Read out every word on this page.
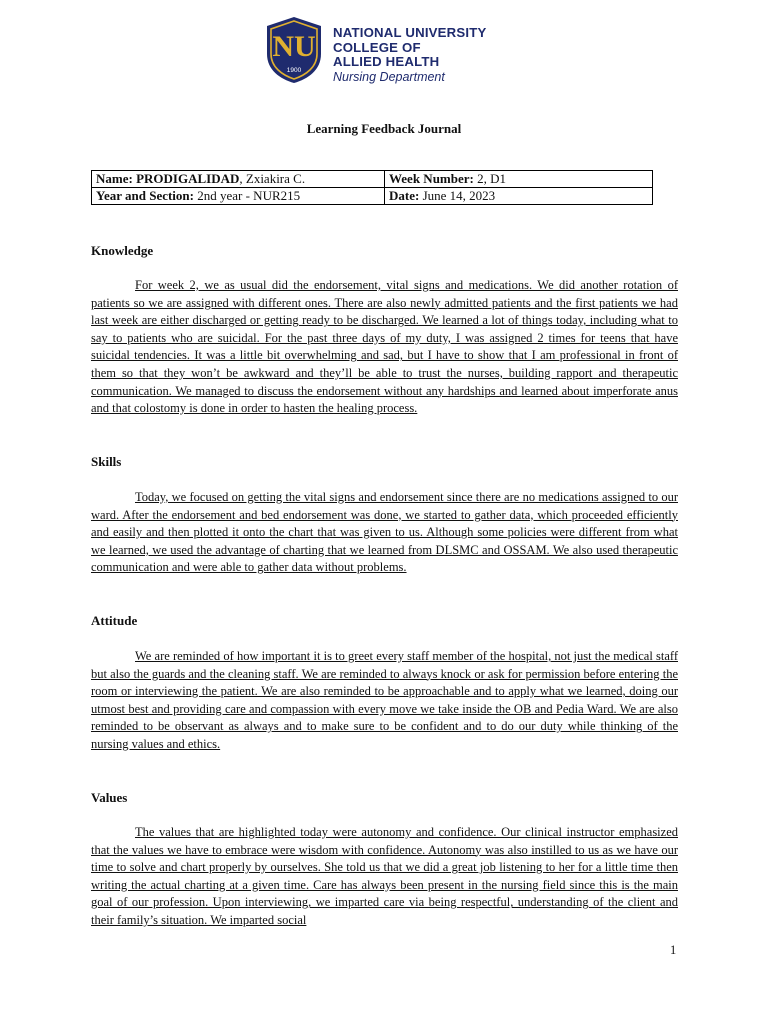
NU
1900
NATIONAL UNIVERSITY
COLLEGE OF
ALLIED HEALTH
Nursing Department
Learning Feedback Journal
Name: PRODIGALIDAD, Zxiakira C.	Week Number: 2, D1
Year and Section: 2nd year - NUR215	Date: June 14, 2023
Knowledge

For week 2, we as usual did the endorsement, vital signs and medications. We did another rotation of patients so we are assigned with different ones. There are also newly admitted patients and the first patients we had last week are either discharged or getting ready to be discharged. We learned a lot of things today, including what to say to patients who are suicidal. For the past three days of my duty, I was assigned 2 times for teens that have suicidal tendencies. It was a little bit overwhelming and sad, but I have to show that I am professional in front of them so that they won’t be awkward and they’ll be able to trust the nurses, building rapport and therapeutic communication. We managed to discuss the endorsement without any hardships and learned about imperforate anus and that colostomy is done in order to hasten the healing process.

Skills

Today, we focused on getting the vital signs and endorsement since there are no medications assigned to our ward. After the endorsement and bed endorsement was done, we started to gather data, which proceeded efficiently and easily and then plotted it onto the chart that was given to us. Although some policies were different from what we learned, we used the advantage of charting that we learned from DLSMC and OSSAM. We also used therapeutic communication and were able to gather data without problems.

Attitude

We are reminded of how important it is to greet every staff member of the hospital, not just the medical staff but also the guards and the cleaning staff. We are reminded to always knock or ask for permission before entering the room or interviewing the patient. We are also reminded to be approachable and to apply what we learned, doing our utmost best and providing care and compassion with every move we take inside the OB and Pedia Ward. We are also reminded to be observant as always and to make sure to be confident and to do our duty while thinking of the nursing values and ethics.

Values

The values that are highlighted today were autonomy and confidence. Our clinical instructor emphasized that the values we have to embrace were wisdom with confidence. Autonomy was also instilled to us as we have our time to solve and chart properly by ourselves. She told us that we did a great job listening to her for a little time then writing the actual charting at a given time. Care has always been present in the nursing field since this is the main goal of our profession. Upon interviewing, we imparted care via being respectful, understanding of the client and their family’s situation. We imparted social

1
